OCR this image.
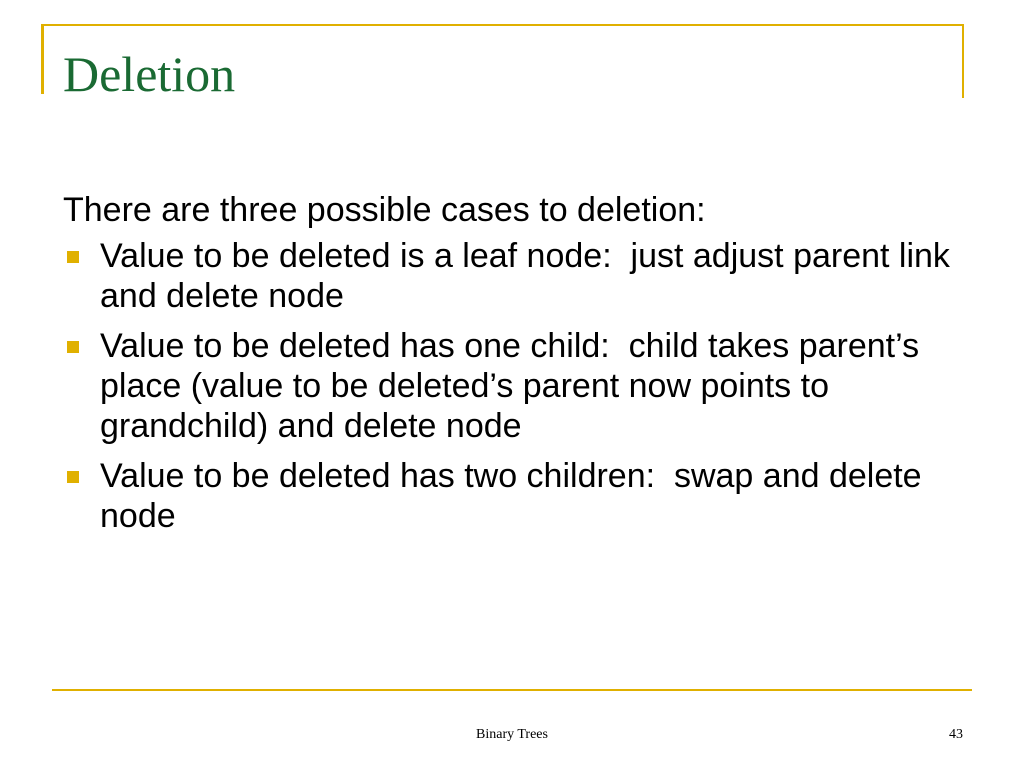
Deletion

There are three possible cases to deletion:

Value to be deleted is a leaf node:  just adjust parent link and delete node
Value to be deleted has one child:  child takes parent’s place (value to be deleted’s parent now points to grandchild) and delete node
Value to be deleted has two children:  swap and delete node
Binary Trees	43
